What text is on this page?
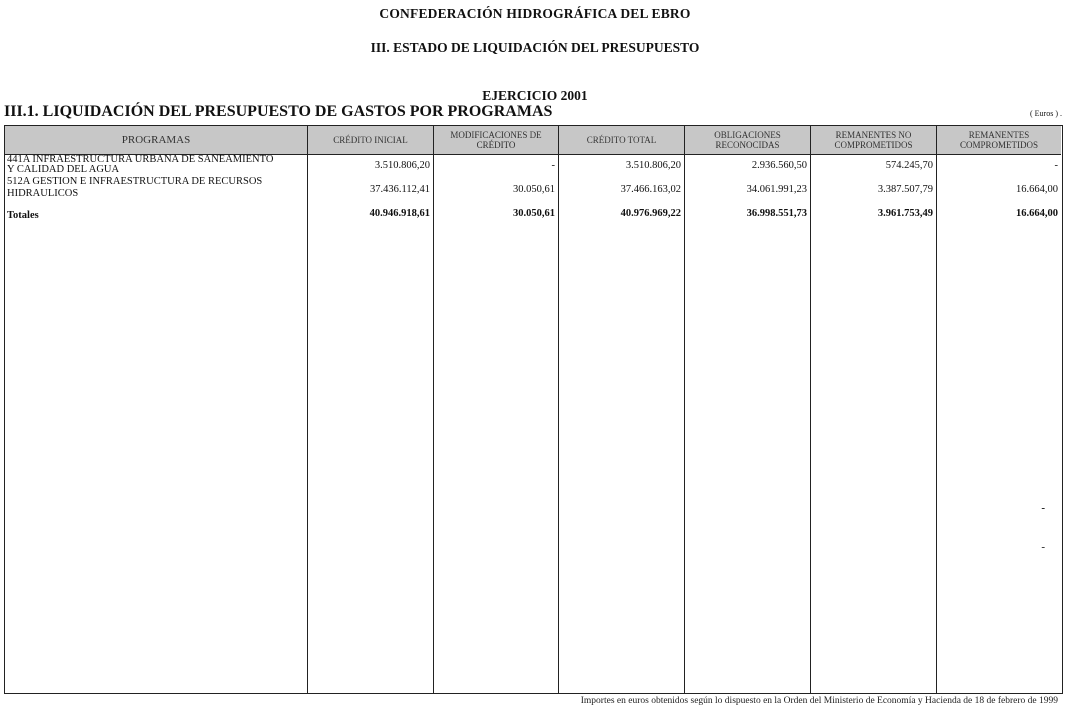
CONFEDERACIÓN HIDROGRÁFICA DEL EBRO
III. ESTADO DE LIQUIDACIÓN DEL PRESUPUESTO
EJERCICIO 2001
III.1. LIQUIDACIÓN DEL PRESUPUESTO DE GASTOS POR PROGRAMAS	( Euros ) .
PROGRAMAS
441A INFRAESTRUCTURA URBANA DE SANEAMIENTO
Y CALIDAD DEL AGUA
512A GESTION E INFRAESTRUCTURA DE RECURSOS
HIDRAULICOS
Totales
CRÉDITO INICIAL
3.510.806,20
37.436.112,41
40.946.918,61
MODIFICACIONES DE CRÉDITO
-
30.050,61
30.050,61
CRÉDITO TOTAL
3.510.806,20
37.466.163,02
40.976.969,22
OBLIGACIONES RECONOCIDAS
2.936.560,50
34.061.991,23
36.998.551,73
REMANENTES NO COMPROMETIDOS
574.245,70
3.387.507,79
3.961.753,49
REMANENTES COMPROMETIDOS
-
16.664,00
16.664,00
-
-
Importes en euros obtenidos según lo dispuesto en la Orden del Ministerio de Economía y Hacienda de 18 de febrero de 1999
